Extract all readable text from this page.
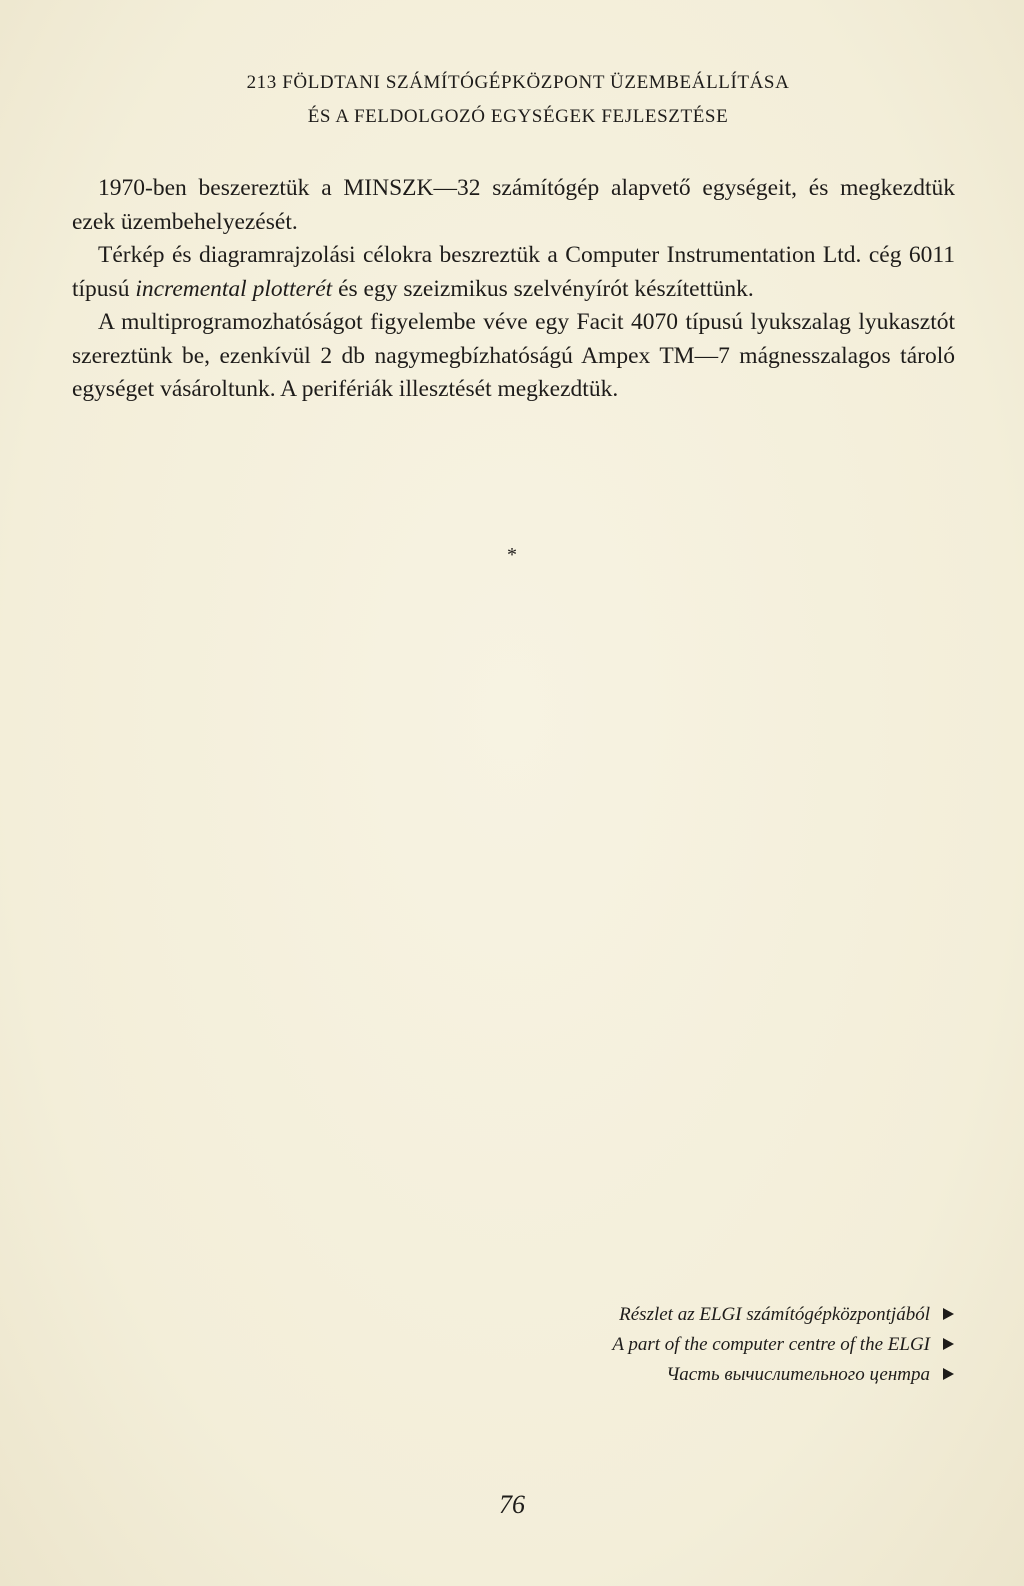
213 FÖLDTANI SZÁMÍTÓGÉPKÖZPONT ÜZEMBEÁLLÍTÁSA
ÉS A FELDOLGOZÓ EGYSÉGEK FEJLESZTÉSE

1970-ben beszereztük a MINSZK—32 számítógép alapvető egységeit, és megkezdtük ezek üzembehelyezését.

Térkép és diagramrajzolási célokra beszreztük a Computer Instrumentation Ltd. cég 6011 típusú incremental plotterét és egy szeizmikus szelvényírót készítettünk.

A multiprogramozhatóságot figyelembe véve egy Facit 4070 típusú lyukszalag lyukasztót szereztünk be, ezenkívül 2 db nagymegbízhatóságú Ampex TM—7 mágnesszalagos tároló egységet vásároltunk. A perifériák illesztését megkezdtük.

*
Részlet az ELGI számítógépközpontjából
A part of the computer centre of the ELGI
Часть вычислительного центра
76
